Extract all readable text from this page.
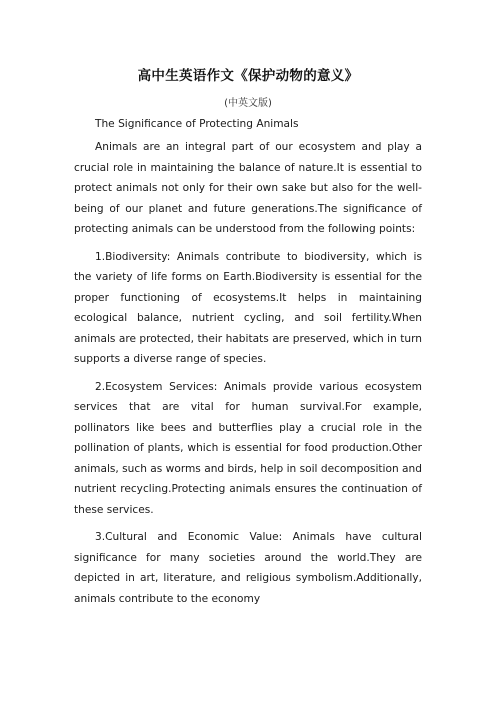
高中生英语作文《保护动物的意义》
(中英文版)
The Significance of Protecting Animals

Animals are an integral part of our ecosystem and play a crucial role in maintaining the balance of nature.It is essential to protect animals not only for their own sake but also for the well-being of our planet and future generations.The significance of protecting animals can be understood from the following points:

1.Biodiversity: Animals contribute to biodiversity, which is the variety of life forms on Earth.Biodiversity is essential for the proper functioning of ecosystems.It helps in maintaining ecological balance, nutrient cycling, and soil fertility.When animals are protected, their habitats are preserved, which in turn supports a diverse range of species.

2.Ecosystem Services: Animals provide various ecosystem services that are vital for human survival.For example, pollinators like bees and butterflies play a crucial role in the pollination of plants, which is essential for food production.Other animals, such as worms and birds, help in soil decomposition and nutrient recycling.Protecting animals ensures the continuation of these services.

3.Cultural and Economic Value: Animals have cultural significance for many societies around the world.They are depicted in art, literature, and religious symbolism.Additionally, animals contribute to the economy
